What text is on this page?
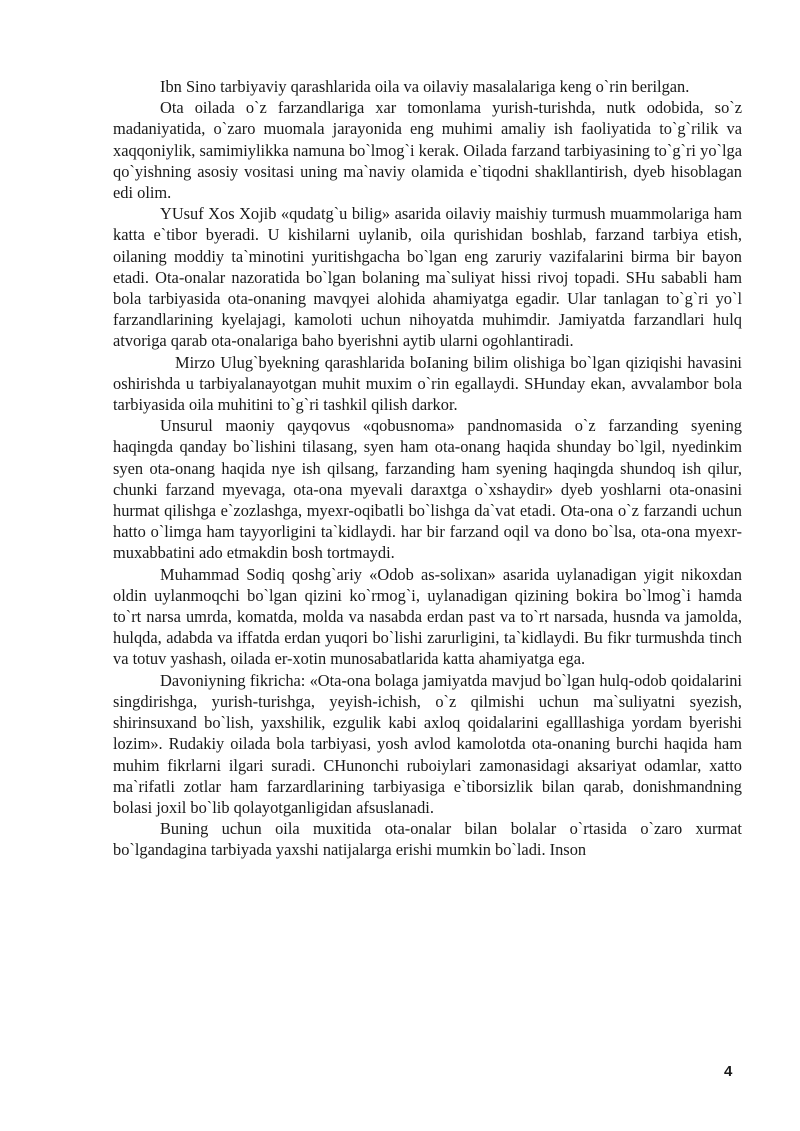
Ibn Sino tarbiyaviy qarashlarida oila va oilaviy masalalariga keng o`rin berilgan.

Ota oilada o`z farzandlariga xar tomonlama yurish-turishda, nutk odobida, so`z madaniyatida, o`zaro muomala jarayonida eng muhimi amaliy ish faoliyatida to`g`rilik va xaqqoniylik, samimiylikka namuna bo`lmog`i kerak. Oilada farzand tarbiyasining to`g`ri yo`lga qo`yishning asosiy vositasi uning ma`naviy olamida e`tiqodni shakllantirish, dyeb hisoblagan edi olim.

YUsuf Xos Xojib «qudatg`u bilig» asarida oilaviy maishiy turmush muammolariga ham katta e`tibor byeradi. U kishilarni uylanib, oila qurishidan boshlab, farzand tarbiya etish, oilaning moddiy ta`minotini yuritishgacha bo`lgan eng zaruriy vazifalarini birma bir bayon etadi. Ota-onalar nazoratida bo`lgan bolaning ma`suliyat hissi rivoj topadi. SHu sababli ham bola tarbiyasida ota-onaning mavqyei alohida ahamiyatga egadir. Ular tanlagan to`g`ri yo`l farzandlarining kyelajagi, kamoloti uchun nihoyatda muhimdir. Jamiyatda farzandlari hulq atvoriga qarab ota-onalariga baho byerishni aytib ularni ogohlantiradi.

Mirzo Ulug`byekning qarashlarida boIaning bilim olishiga bo`lgan qiziqishi havasini oshirishda u tarbiyalanayotgan muhit muxim o`rin egallaydi. SHunday ekan, avvalambor bola tarbiyasida oila muhitini to`g`ri tashkil qilish darkor.

Unsurul maoniy qayqovus «qobusnoma» pandnomasida o`z farzanding syening haqingda qanday bo`lishini tilasang, syen ham ota-onang haqida shunday bo`lgil, nyedinkim syen ota-onang haqida nye ish qilsang, farzanding ham syening haqingda shundoq ish qilur, chunki farzand myevaga, ota-ona myevali daraxtga o`xshaydir» dyeb yoshlarni ota-onasini hurmat qilishga e`zozlashga, myexr-oqibatli bo`lishga da`vat etadi. Ota-ona o`z farzandi uchun hatto o`limga ham tayyorligini ta`kidlaydi. har bir farzand oqil va dono bo`lsa, ota-ona myexr-muxabbatini ado etmakdin bosh tortmaydi.

Muhammad Sodiq qoshg`ariy «Odob as-solixan» asarida uylanadigan yigit nikoxdan oldin uylanmoqchi bo`lgan qizini ko`rmog`i, uylanadigan qizining bokira bo`lmog`i hamda to`rt narsa umrda, komatda, molda va nasabda erdan past va to`rt narsada, husnda va jamolda, hulqda, adabda va iffatda erdan yuqori bo`lishi zarurligini, ta`kidlaydi. Bu fikr turmushda tinch va totuv yashash, oilada er-xotin munosabatlarida katta ahamiyatga ega.

Davoniyning fikricha: «Ota-ona bolaga jamiyatda mavjud bo`lgan hulq-odob qoidalarini singdirishga, yurish-turishga, yeyish-ichish, o`z qilmishi uchun ma`suliyatni syezish, shirinsuxand bo`lish, yaxshilik, ezgulik kabi axloq qoidalarini egalllashiga yordam byerishi lozim». Rudakiy oilada bola tarbiyasi, yosh avlod kamolotda ota-onaning burchi haqida ham muhim fikrlarni ilgari suradi. CHunonchi ruboiylari zamonasidagi aksariyat odamlar, xatto ma`rifatli zotlar ham farzardlarining tarbiyasiga e`tiborsizlik bilan qarab, donishmandning bolasi joxil bo`lib qolayotganligidan afsuslanadi.

Buning uchun oila muxitida ota-onalar bilan bolalar o`rtasida o`zaro xurmat bo`lgandagina tarbiyada yaxshi natijalarga erishi mumkin bo`ladi. Inson

4
